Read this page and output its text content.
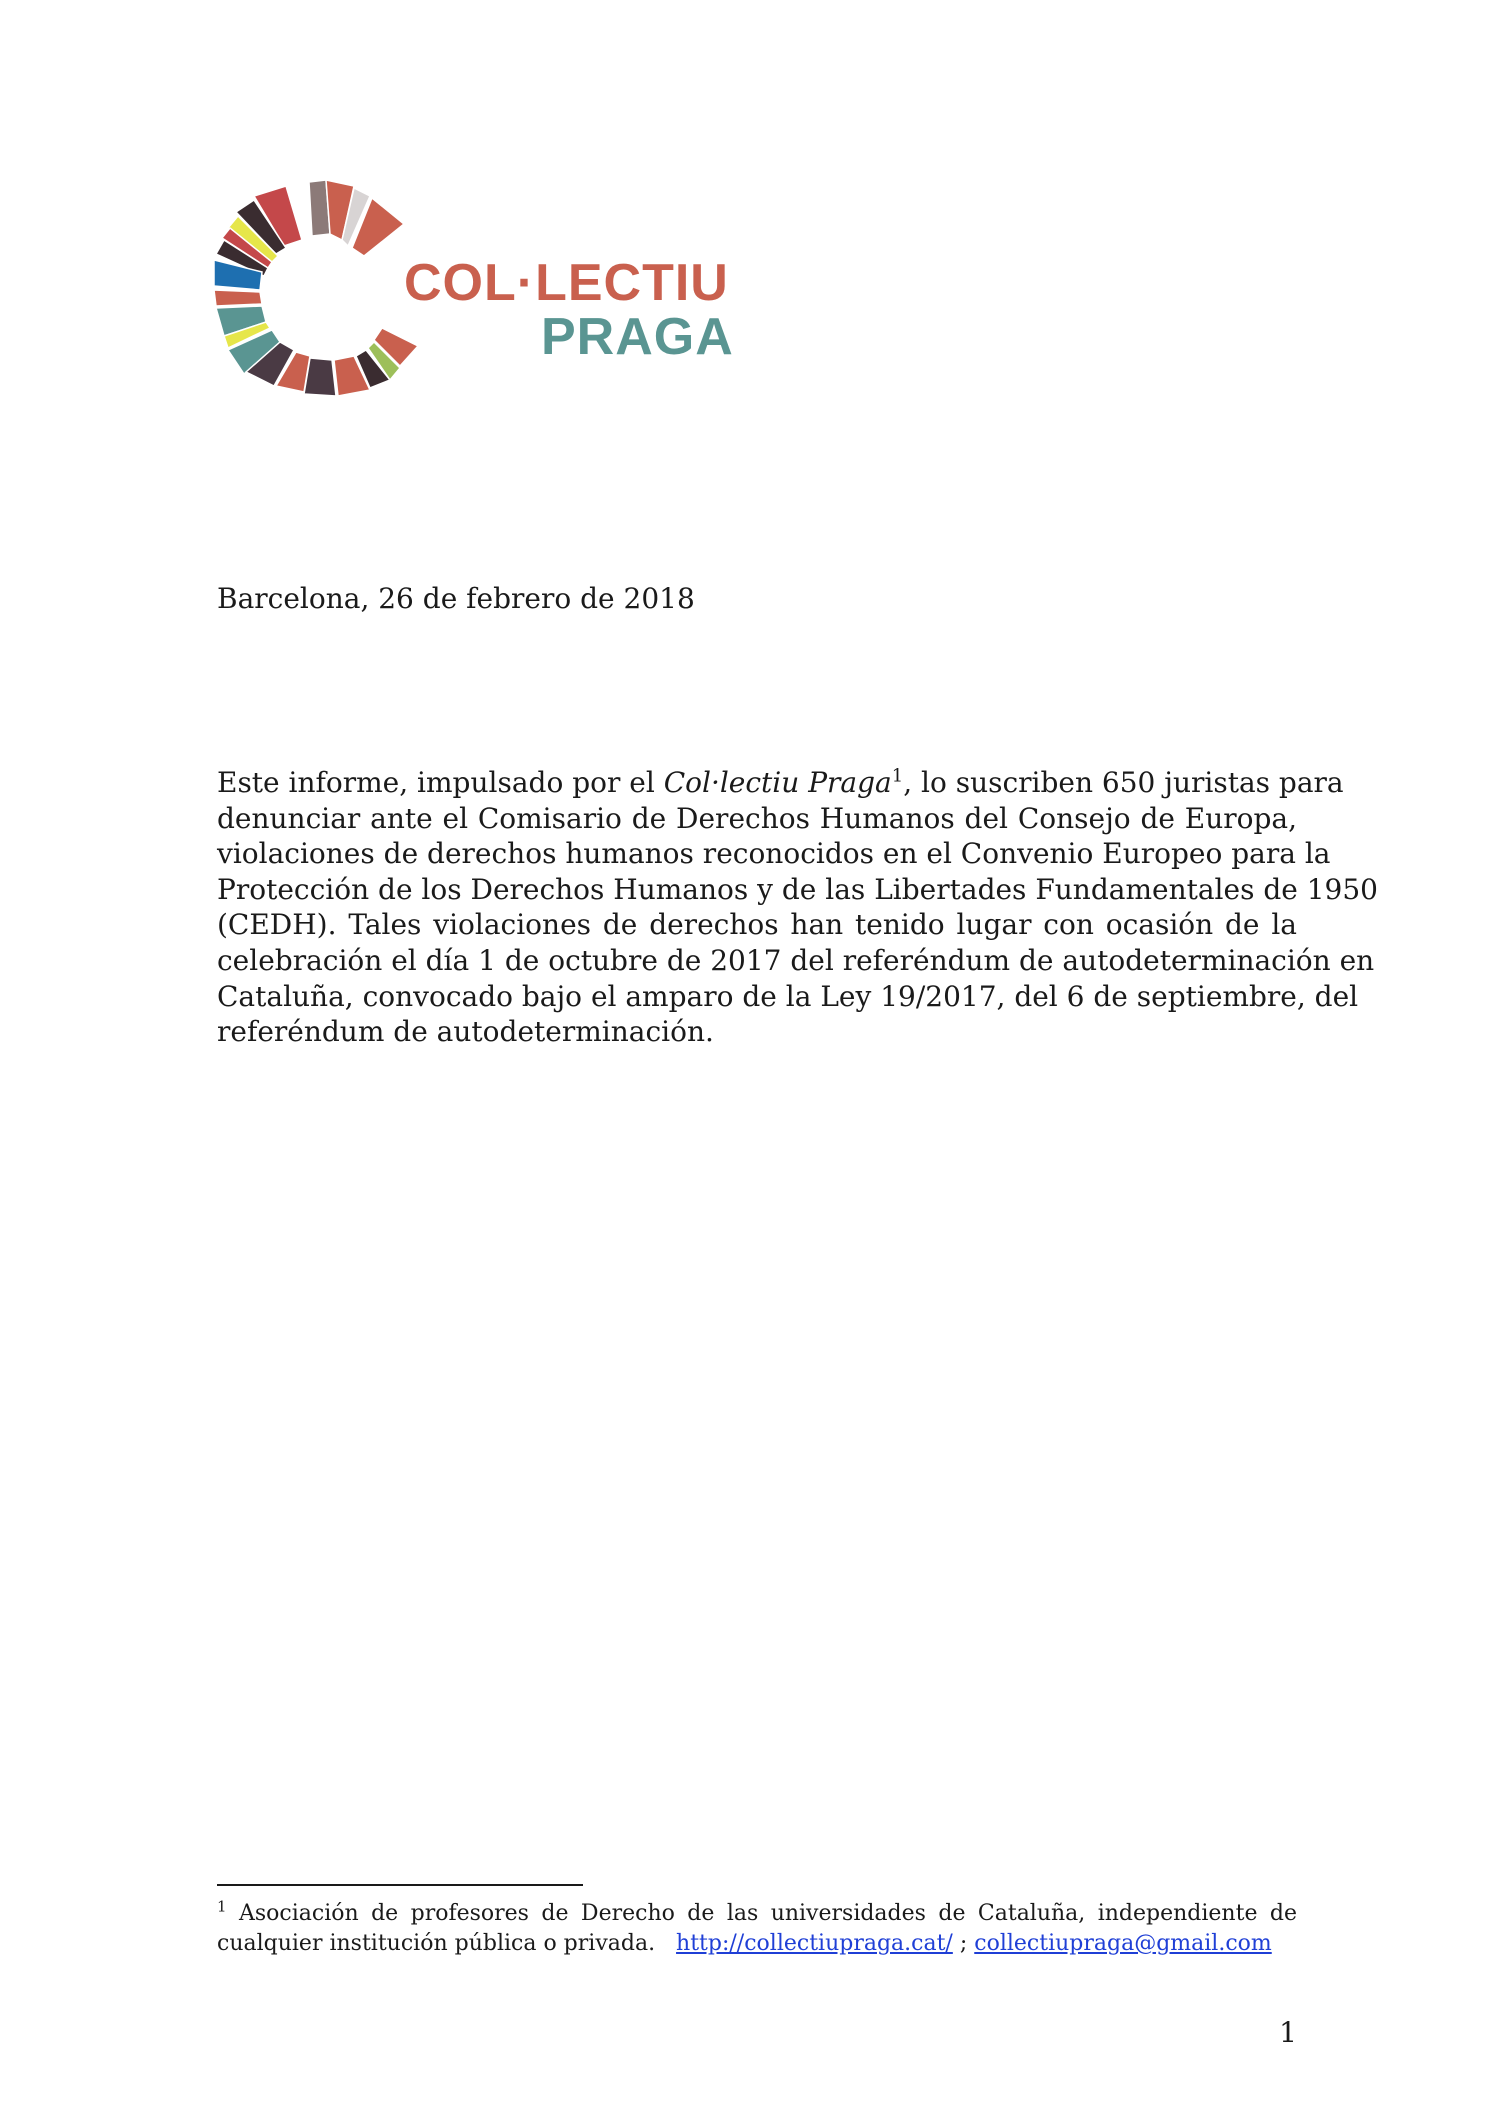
COL·LECTIU
PRAGA
Barcelona, 26 de febrero de 2018
Este informe, impulsado por el Col·lectiu Praga$^1$, lo suscriben 650 juristas para
denunciar ante el Comisario de Derechos Humanos del Consejo de Europa,
violaciones de derechos humanos reconocidos en el Convenio Europeo para la
Protección de los Derechos Humanos y de las Libertades Fundamentales de 1950
(CEDH). Tales violaciones de derechos han tenido lugar con ocasión de la
celebración el día 1 de octubre de 2017 del referéndum de autodeterminación en
Cataluña, convocado bajo el amparo de la Ley 19/2017, del 6 de septiembre, del
referéndum de autodeterminación.
$^1$ Asociación de profesores de Derecho de las universidades de Cataluña, independiente de
cualquier institución pública o privada. http://collectiupraga.cat/ ; collectiupraga@gmail.com
1
